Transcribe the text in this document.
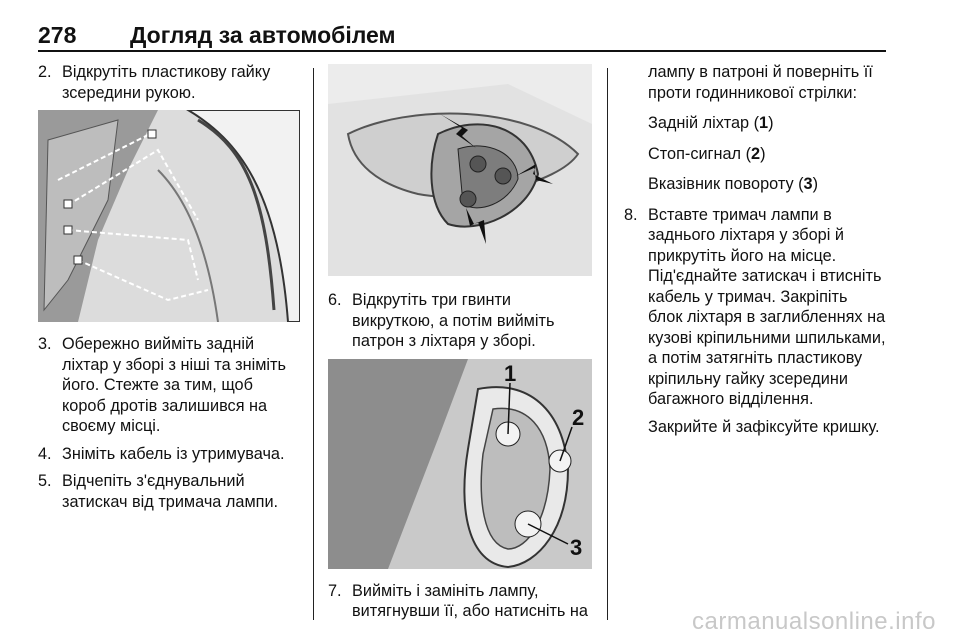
278 Догляд за автомобілем
2. Відкрутіть пластикову гайку зсередини рукою.
3. Обережно вийміть задній ліхтар у зборі з ніші та зніміть його. Стежте за тим, щоб короб дротів залишився на своєму місці.
4. Зніміть кабель із утримувача.
5. Відчепіть з'єднувальний затискач від тримача лампи.
6. Відкрутіть три гвинти викруткою, а потім вийміть патрон з ліхтаря у зборі.
1
2
3
7. Вийміть і замініть лампу, витягнувши її, або натисніть на
лампу в патроні й поверніть її проти годинникової стрілки:
Задній ліхтар (1)
Стоп-сигнал (2)
Вказівник повороту (3)
8. Вставте тримач лампи в заднього ліхтаря у зборі й прикрутіть його на місце. Під'єднайте затискач і втисніть кабель у тримач. Закріпіть блок ліхтаря в заглибленнях на кузові кріпильними шпильками, а потім затягніть пластикову кріпильну гайку зсередини багажного відділення.
Закрийте й зафіксуйте кришку.
carmanualsonline.info
